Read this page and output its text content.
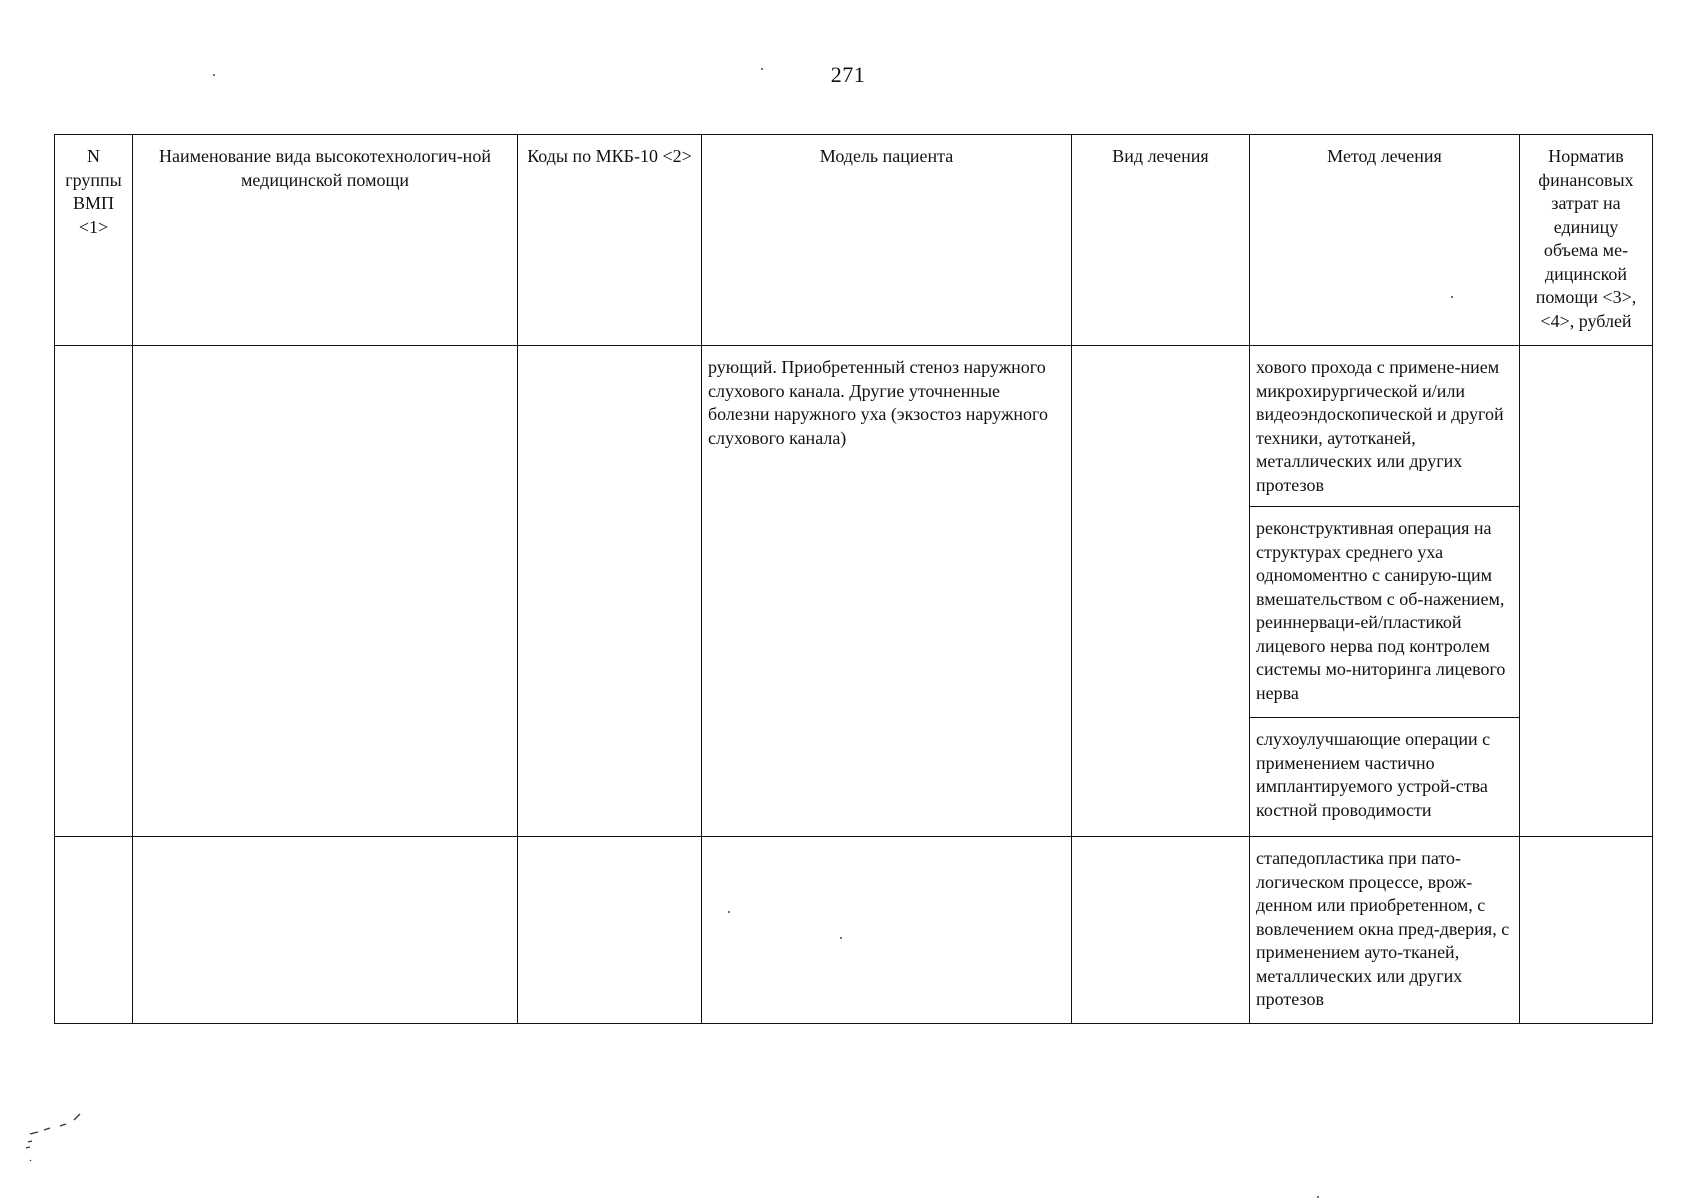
271
N группы ВМП <1>	Наименование вида высокотехнологич-ной медицинской помощи	Коды по МКБ-10 <2>	Модель пациента	Вид лечения	Метод лечения	Норматив финансовых затрат на единицу объема ме-дицинской помощи <3>, <4>, рублей
			рующий. Приобретенный стеноз наружного слухового канала. Другие уточненные болезни наружного уха (экзостоз наружного слухового канала)		хового прохода с примене-нием микрохирургической и/или видеоэндоскопической и другой техники, аутотканей, металлических или других протезов	
					реконструктивная операция на структурах среднего уха одномоментно с санирую-щим вмешательством с об-нажением, реиннерваци-ей/пластикой лицевого нерва под контролем системы мо-ниторинга лицевого нерва	
					слухоулучшающие операции с применением частично имплантируемого устрой-ства костной проводимости	
					стапедопластика при пато-логическом процессе, врож-денном или приобретенном, с вовлечением окна пред-дверия, с применением ауто-тканей, металлических или других протезов	
